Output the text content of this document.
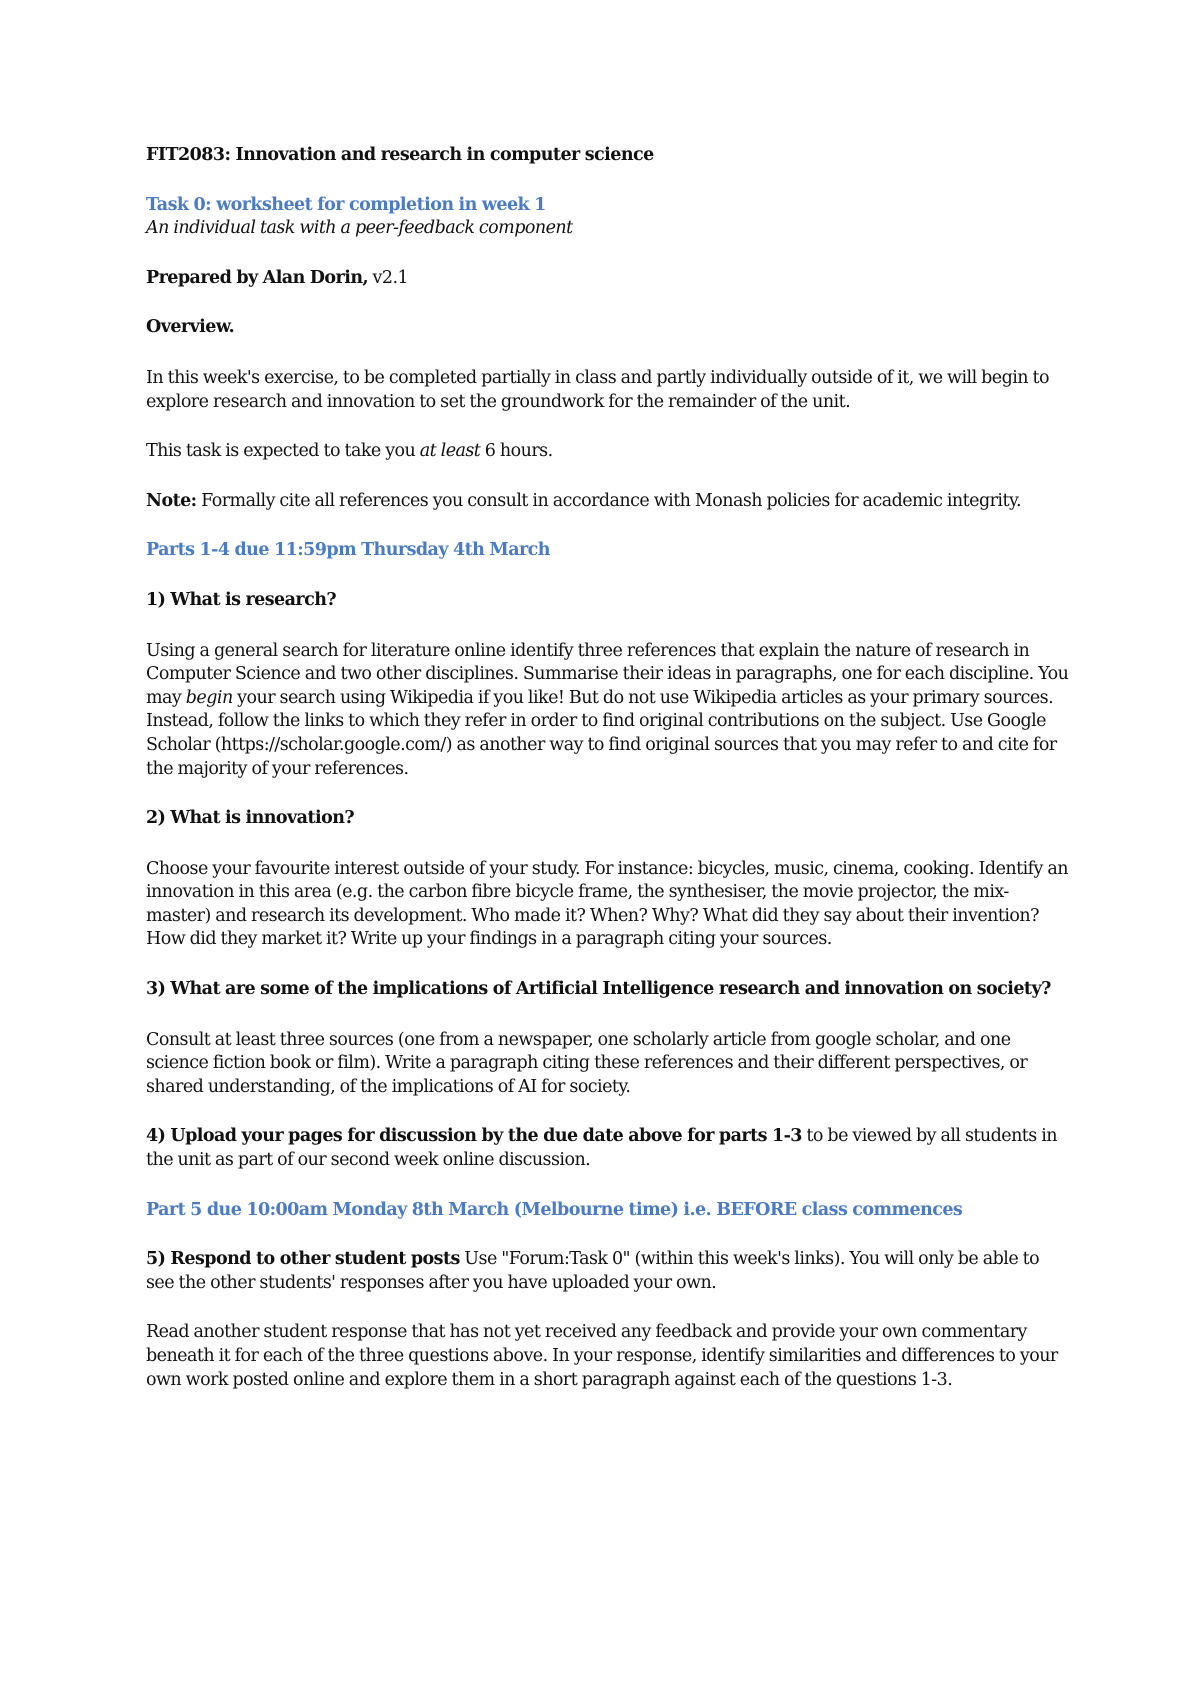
FIT2083: Innovation and research in computer science

Task 0: worksheet for completion in week 1

An individual task with a peer-feedback component

Prepared by Alan Dorin, v2.1

Overview.

In this week's exercise, to be completed partially in class and partly individually outside of it, we will begin to explore research and innovation to set the groundwork for the remainder of the unit.

This task is expected to take you at least 6 hours.

Note: Formally cite all references you consult in accordance with Monash policies for academic integrity.

Parts 1-4 due 11:59pm Thursday 4th March

1) What is research?

Using a general search for literature online identify three references that explain the nature of research in Computer Science and two other disciplines. Summarise their ideas in paragraphs, one for each discipline. You may begin your search using Wikipedia if you like! But do not use Wikipedia articles as your primary sources. Instead, follow the links to which they refer in order to find original contributions on the subject. Use Google Scholar (https://scholar.google.com/) as another way to find original sources that you may refer to and cite for the majority of your references.

2) What is innovation?

Choose your favourite interest outside of your study. For instance: bicycles, music, cinema, cooking. Identify an innovation in this area (e.g. the carbon fibre bicycle frame, the synthesiser, the movie projector, the mix-master) and research its development. Who made it? When? Why? What did they say about their invention? How did they market it? Write up your findings in a paragraph citing your sources.

3) What are some of the implications of Artificial Intelligence research and innovation on society?

Consult at least three sources (one from a newspaper, one scholarly article from google scholar, and one science fiction book or film). Write a paragraph citing these references and their different perspectives, or shared understanding, of the implications of AI for society.

4) Upload your pages for discussion by the due date above for parts 1-3 to be viewed by all students in the unit as part of our second week online discussion.

Part 5 due 10:00am Monday 8th March (Melbourne time) i.e. BEFORE class commences

5) Respond to other student posts Use "Forum:Task 0" (within this week's links). You will only be able to see the other students' responses after you have uploaded your own.

Read another student response that has not yet received any feedback and provide your own commentary beneath it for each of the three questions above. In your response, identify similarities and differences to your own work posted online and explore them in a short paragraph against each of the questions 1-3.
